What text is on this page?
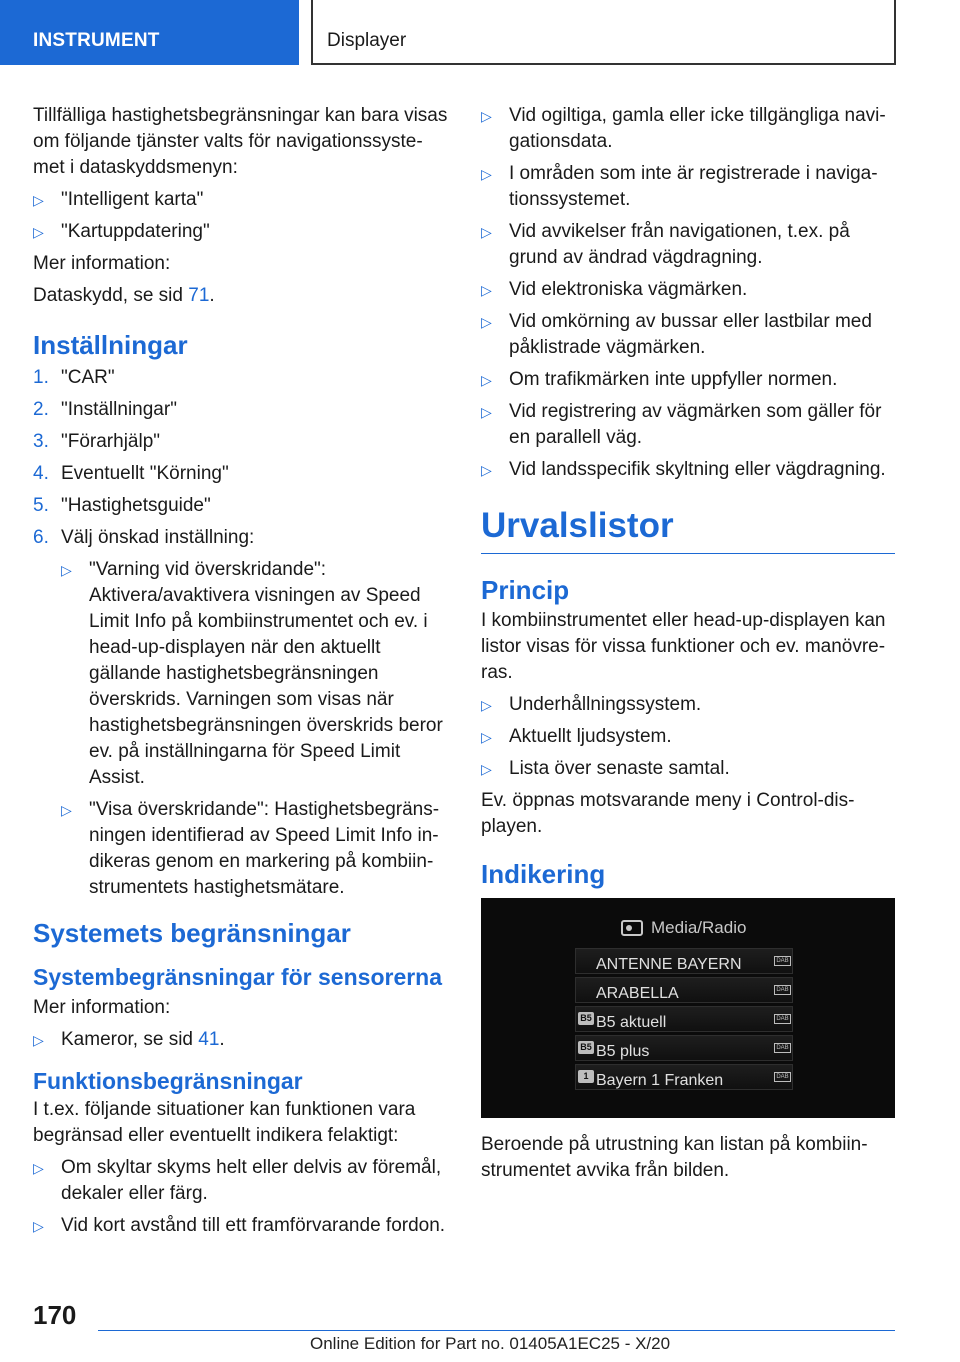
INSTRUMENT	Displayer

Tillfälliga hastighetsbegränsningar kan bara visas om följande tjänster valts för navigationssystemet i dataskyddsmenyn:

▷ "Intelligent karta"
▷ "Kartuppdatering"

Mer information:

Dataskydd, se sid 71.

Inställningar
1. "CAR"
2. "Inställningar"
3. "Förarhjälp"
4. Eventuellt "Körning"
5. "Hastighetsguide"
6. Välj önskad inställning:
▷ "Varning vid överskridande": Aktivera/avaktivera visningen av Speed Limit Info på kombiinstrumentet och ev. i head-up-displayen när den aktuellt gällande hastighetsbegränsningen överskrids. Varningen som visas när hastighetsbegränsningen överskrids beror ev. på inställningarna för Speed Limit Assist.
▷ "Visa överskridande": Hastighetsbegränsningen identifierad av Speed Limit Info indikeras genom en markering på kombiinstrumentets hastighetsmätare.
Systemets begränsningar
Systembegränsningar för sensorerna

Mer information:

▷ Kameror, se sid 41.
Funktionsbegränsningar

I t.ex. följande situationer kan funktionen vara begränsad eller eventuellt indikera felaktigt:

▷ Om skyltar skyms helt eller delvis av föremål, dekaler eller färg.
▷ Vid kort avstånd till ett framförvarande fordon.
▷ Vid ogiltiga, gamla eller icke tillgängliga navigationsdata.
▷ I områden som inte är registrerade i navigationssystemet.
▷ Vid avvikelser från navigationen, t.ex. på grund av ändrad vägdragning.
▷ Vid elektroniska vägmärken.
▷ Vid omkörning av bussar eller lastbilar med påklistrade vägmärken.
▷ Om trafikmärken inte uppfyller normen.
▷ Vid registrering av vägmärken som gäller för en parallell väg.
▷ Vid landsspecifik skyltning eller vägdragning.
Urvalslistor
Princip

I kombiinstrumentet eller head-up-displayen kan listor visas för vissa funktioner och ev. manövreras.

▷ Underhållningssystem.
▷ Aktuellt ljudsystem.
▷ Lista över senaste samtal.

Ev. öppnas motsvarande meny i Control-displayen.

Indikering
Media/Radio
ANTENNE BAYERN	DAB
ARABELLA	DAB
B5 B5 aktuell	DAB
B5 B5 plus	DAB
1 Bayern 1 Franken	DAB

Beroende på utrustning kan listan på kombiinstrumentet avvika från bilden.

170
Online Edition for Part no. 01405A1EC25 - X/20
